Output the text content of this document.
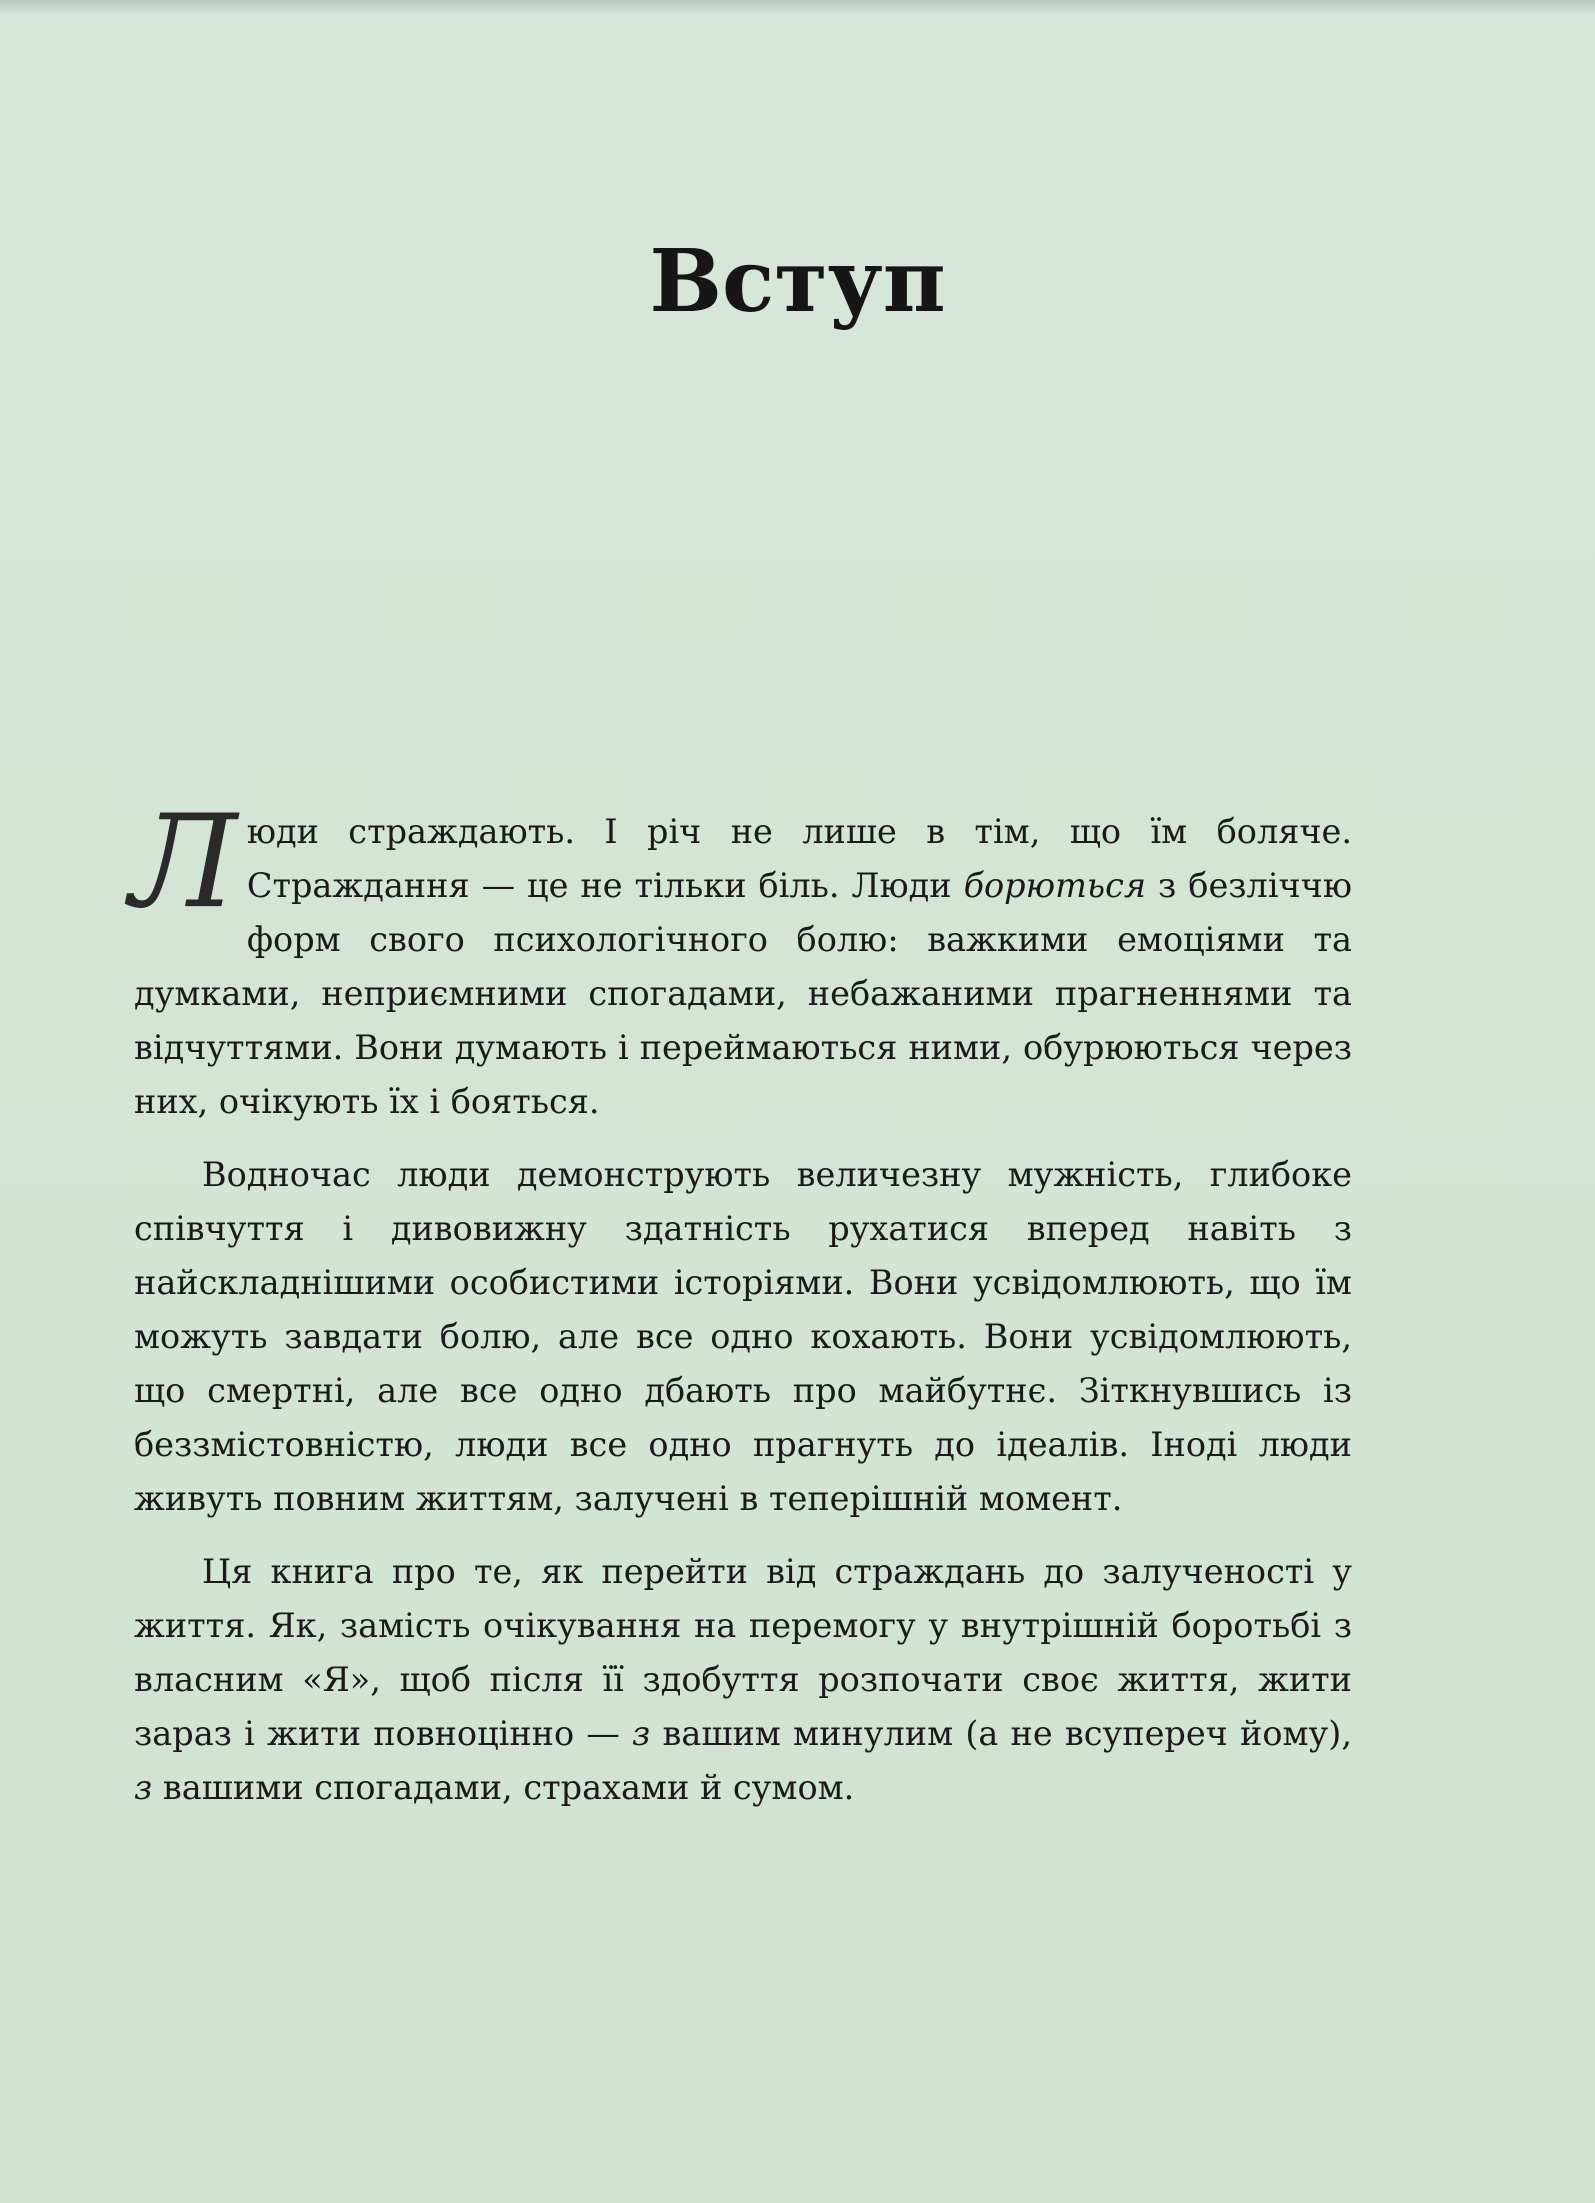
Вступ

Люди страждають. І річ не лише в тім, що їм боляче. Страждання — це не тільки біль. Люди борються з безліччю форм свого психологічного болю: важкими емоціями та думками, неприємними спогадами, небажаними прагненнями та відчуттями. Вони думають і переймаються ними, обурюються через них, очікують їх і бояться.

Водночас люди демонструють величезну мужність, глибоке співчуття і дивовижну здатність рухатися вперед навіть з найскладнішими особистими історіями. Вони усвідомлюють, що їм можуть завдати болю, але все одно кохають. Вони усвідомлюють, що смертні, але все одно дбають про майбутнє. Зіткнувшись із беззмістовністю, люди все одно прагнуть до ідеалів. Іноді люди живуть повним життям, залучені в теперішній момент.

Ця книга про те, як перейти від страждань до залученості у життя. Як, замість очікування на перемогу у внутрішній боротьбі з власним «Я», щоб після її здобуття розпочати своє життя, жити зараз і жити повноцінно — з вашим минулим (а не всупереч йому), з вашими спогадами, страхами й сумом.
